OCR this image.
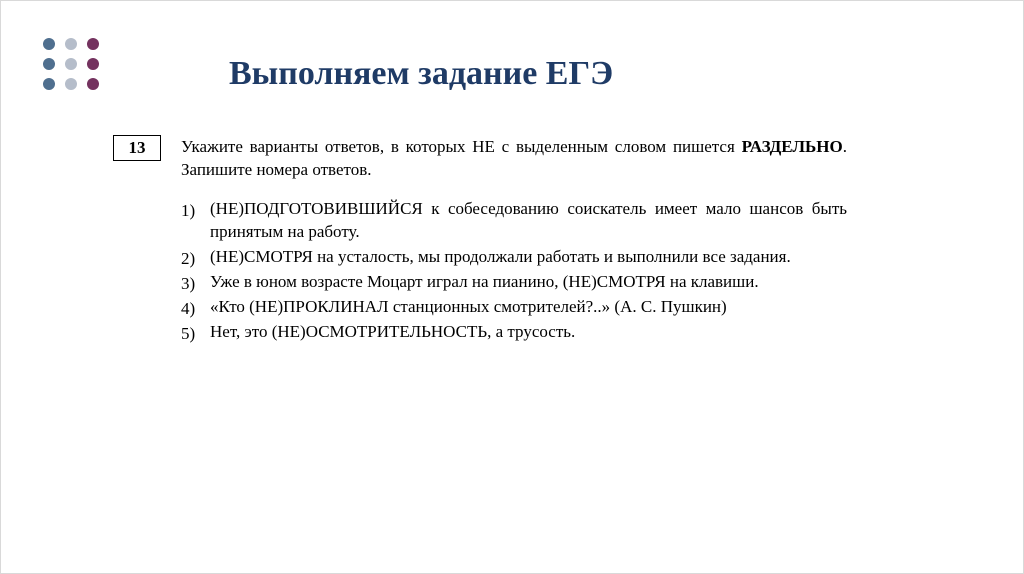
Выполняем задание ЕГЭ
13	Укажите варианты ответов, в которых НЕ с выделенным словом пишется РАЗДЕЛЬНО. Запишите номера ответов.
1) (НЕ)ПОДГОТОВИВШИЙСЯ к собеседованию соискатель имеет мало шансов быть принятым на работу.
2) (НЕ)СМОТРЯ на усталость, мы продолжали работать и выполнили все задания.
3) Уже в юном возрасте Моцарт играл на пианино, (НЕ)СМОТРЯ на клавиши.
4) «Кто (НЕ)ПРОКЛИНАЛ станционных смотрителей?..» (А. С. Пушкин)
5) Нет, это (НЕ)ОСМОТРИТЕЛЬНОСТЬ, а трусость.
